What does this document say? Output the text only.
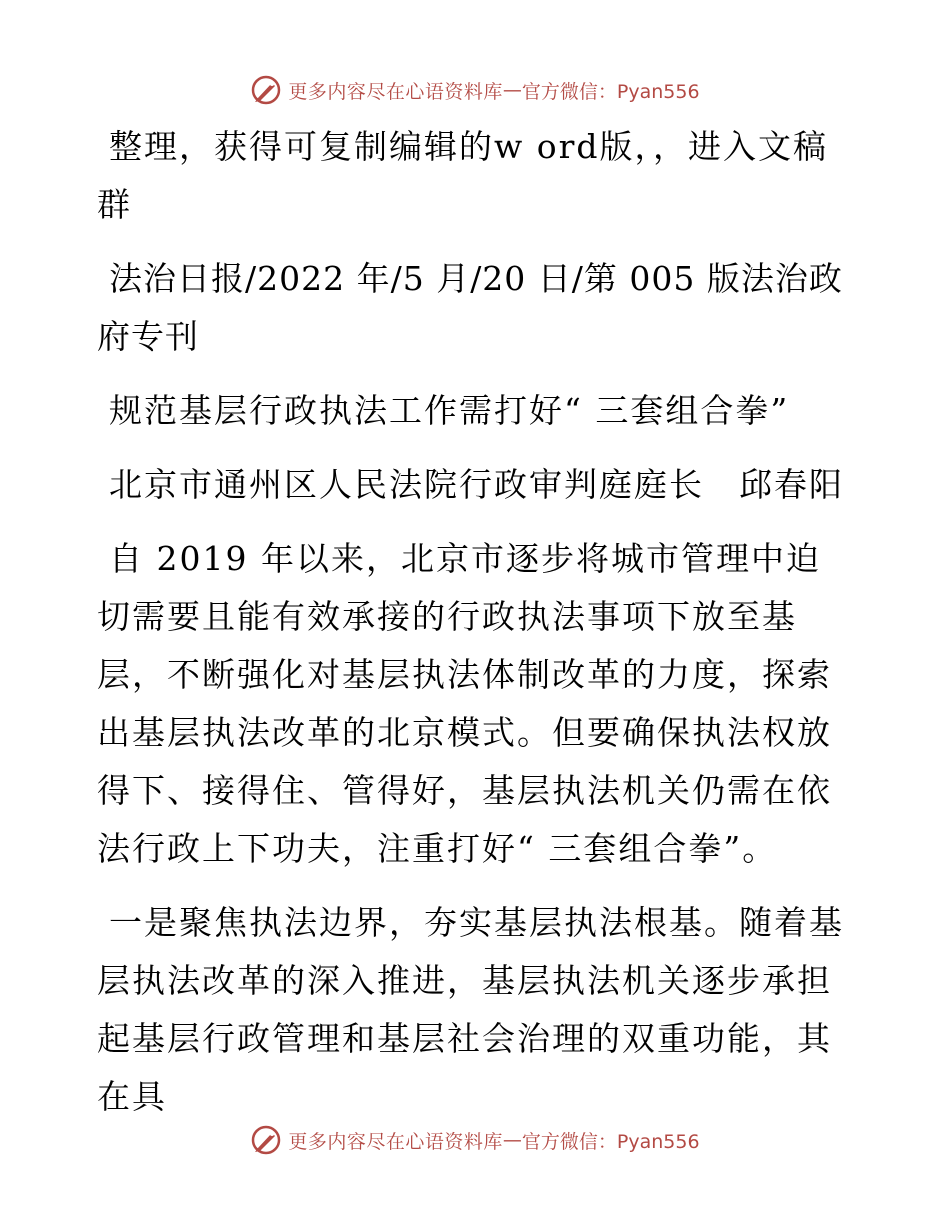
更多内容尽在心语资料库 — 官方微信：Pyan556

整理，获得可复制编辑的w ord版，，进入文稿群

法治日报/2022 年/5 月/20 日/第 005 版法治政府专刊

规范基层行政执法工作需打好“ 三套组合拳”

北京市通州区人民法院行政审判庭庭长　邱春阳

自 2019 年以来，北京市逐步将城市管理中迫切需要且能有效承接的行政执法事项下放至基层，不断强化对基层执法体制改革的力度，探索出基层执法改革的北京模式。但要确保执法权放得下、接得住、管得好，基层执法机关仍需在依法行政上下功夫，注重打好“ 三套组合拳”。

一是聚焦执法边界，夯实基层执法根基。随着基层执法改革的深入推进，基层执法机关逐步承担起基层行政管理和基层社会治理的双重功能，其在具

更多内容尽在心语资料库 — 官方微信：Pyan556
